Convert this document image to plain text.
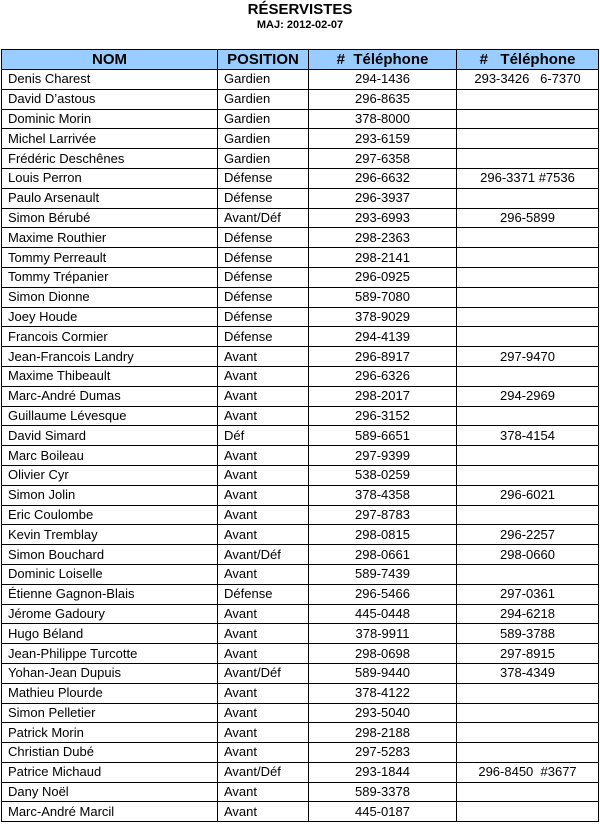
RÉSERVISTES
MAJ: 2012-02-07
NOM	POSITION	#  Téléphone	#   Téléphone
Denis Charest	Gardien	294-1436	293-3426   6-7370
David D’astous	Gardien	296-8635	
Dominic Morin	Gardien	378-8000	
Michel Larrivée	Gardien	293-6159	
Frédéric Deschênes	Gardien	297-6358	
Louis Perron	Défense	296-6632	296-3371 #7536
Paulo Arsenault	Défense	296-3937	
Simon Bérubé	Avant/Déf	293-6993	296-5899
Maxime Routhier	Défense	298-2363	
Tommy Perreault	Défense	298-2141	
Tommy Trépanier	Défense	296-0925	
Simon Dionne	Défense	589-7080	
Joey Houde	Défense	378-9029	
Francois Cormier	Défense	294-4139	
Jean-Francois Landry	Avant	296-8917	297-9470
Maxime Thibeault	Avant	296-6326	
Marc-André Dumas	Avant	298-2017	294-2969
Guillaume Lévesque	Avant	296-3152	
David Simard	Déf	589-6651	378-4154
Marc Boileau	Avant	297-9399	
Olivier Cyr	Avant	538-0259	
Simon Jolin	Avant	378-4358	296-6021
Eric Coulombe	Avant	297-8783	
Kevin Tremblay	Avant	298-0815	296-2257
Simon Bouchard	Avant/Déf	298-0661	298-0660
Dominic Loiselle	Avant	589-7439	
Étienne Gagnon-Blais	Défense	296-5466	297-0361
Jérome Gadoury	Avant	445-0448	294-6218
Hugo Béland	Avant	378-9911	589-3788
Jean-Philippe Turcotte	Avant	298-0698	297-8915
Yohan-Jean Dupuis	Avant/Déf	589-9440	378-4349
Mathieu Plourde	Avant	378-4122	
Simon Pelletier	Avant	293-5040	
Patrick Morin	Avant	298-2188	
Christian Dubé	Avant	297-5283	
Patrice Michaud	Avant/Déf	293-1844	296-8450  #3677
Dany Noël	Avant	589-3378	
Marc-André Marcil	Avant	445-0187	
